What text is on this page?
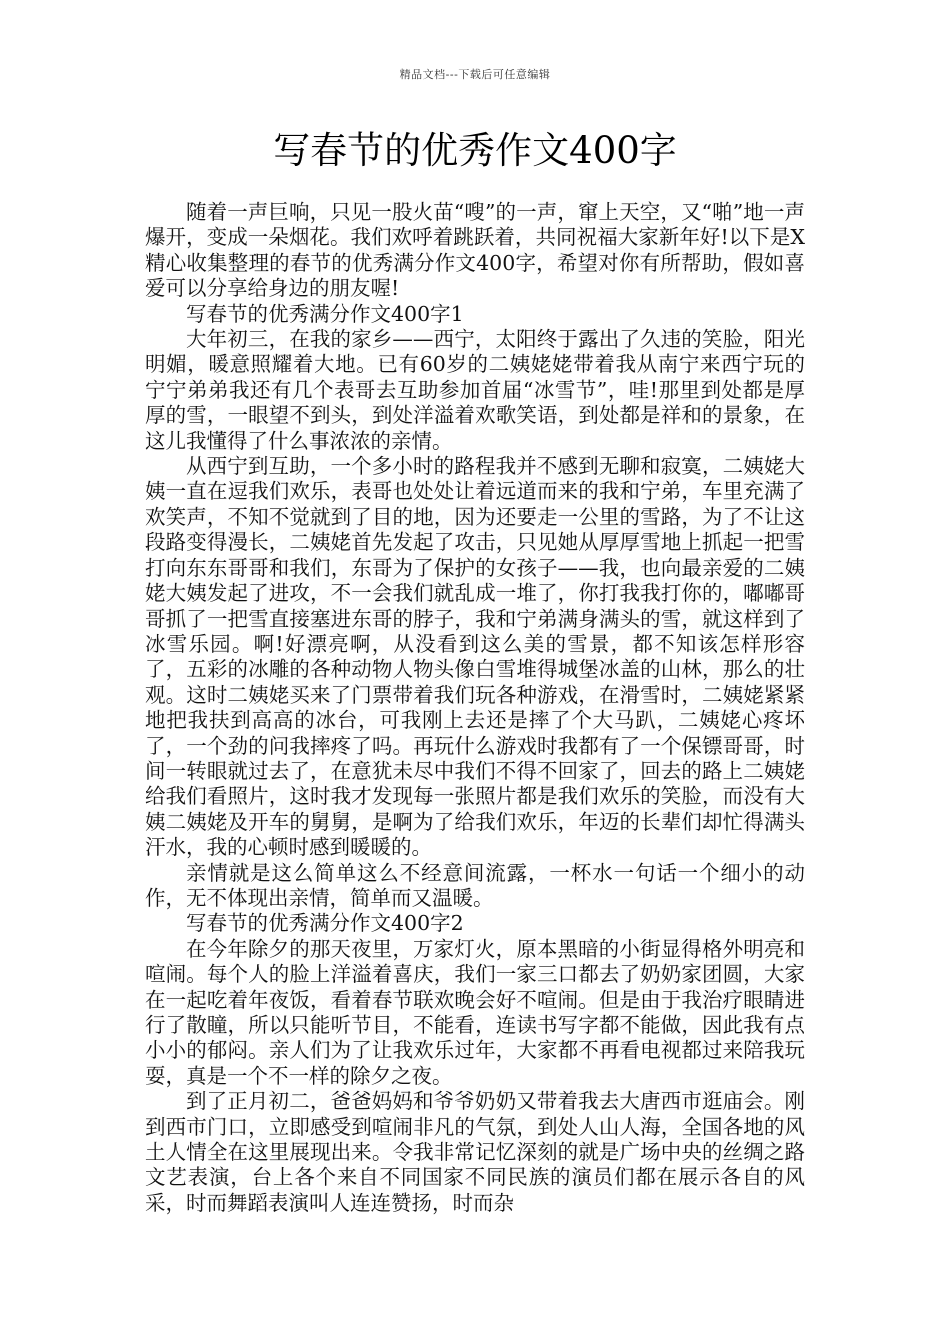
精品文档---下载后可任意编辑
写春节的优秀作文400字

随着一声巨响，只见一股火苗“嗖”的一声，窜上天空，又“啪”地一声爆开，变成一朵烟花。我们欢呼着跳跃着，共同祝福大家新年好!以下是X精心收集整理的春节的优秀满分作文400字，希望对你有所帮助，假如喜爱可以分享给身边的朋友喔!

写春节的优秀满分作文400字1

大年初三，在我的家乡——西宁，太阳终于露出了久违的笑脸，阳光明媚，暖意照耀着大地。已有60岁的二姨姥姥带着我从南宁来西宁玩的宁宁弟弟我还有几个表哥去互助参加首届“冰雪节”，哇!那里到处都是厚厚的雪，一眼望不到头，到处洋溢着欢歌笑语，到处都是祥和的景象，在这儿我懂得了什么事浓浓的亲情。

从西宁到互助，一个多小时的路程我并不感到无聊和寂寞，二姨姥大姨一直在逗我们欢乐，表哥也处处让着远道而来的我和宁弟，车里充满了欢笑声，不知不觉就到了目的地，因为还要走一公里的雪路，为了不让这段路变得漫长，二姨姥首先发起了攻击，只见她从厚厚雪地上抓起一把雪打向东东哥哥和我们，东哥为了保护的女孩子——我，也向最亲爱的二姨姥大姨发起了进攻，不一会我们就乱成一堆了，你打我我打你的，嘟嘟哥哥抓了一把雪直接塞进东哥的脖子，我和宁弟满身满头的雪，就这样到了冰雪乐园。啊!好漂亮啊，从没看到这么美的雪景，都不知该怎样形容了，五彩的冰雕的各种动物人物头像白雪堆得城堡冰盖的山林，那么的壮观。这时二姨姥买来了门票带着我们玩各种游戏，在滑雪时，二姨姥紧紧地把我扶到高高的冰台，可我刚上去还是摔了个大马趴，二姨姥心疼坏了，一个劲的问我摔疼了吗。再玩什么游戏时我都有了一个保镖哥哥，时间一转眼就过去了，在意犹未尽中我们不得不回家了，回去的路上二姨姥给我们看照片，这时我才发现每一张照片都是我们欢乐的笑脸，而没有大姨二姨姥及开车的舅舅，是啊为了给我们欢乐，年迈的长辈们却忙得满头汗水，我的心顿时感到暖暖的。

亲情就是这么简单这么不经意间流露，一杯水一句话一个细小的动作，无不体现出亲情，简单而又温暖。

写春节的优秀满分作文400字2

在今年除夕的那天夜里，万家灯火，原本黑暗的小街显得格外明亮和喧闹。每个人的脸上洋溢着喜庆，我们一家三口都去了奶奶家团圆，大家在一起吃着年夜饭，看着春节联欢晚会好不喧闹。但是由于我治疗眼睛进行了散瞳，所以只能听节目，不能看，连读书写字都不能做，因此我有点小小的郁闷。亲人们为了让我欢乐过年，大家都不再看电视都过来陪我玩耍，真是一个不一样的除夕之夜。

到了正月初二，爸爸妈妈和爷爷奶奶又带着我去大唐西市逛庙会。刚到西市门口，立即感受到喧闹非凡的气氛，到处人山人海，全国各地的风土人情全在这里展现出来。令我非常记忆深刻的就是广场中央的丝绸之路文艺表演，台上各个来自不同国家不同民族的演员们都在展示各自的风采，时而舞蹈表演叫人连连赞扬，时而杂
